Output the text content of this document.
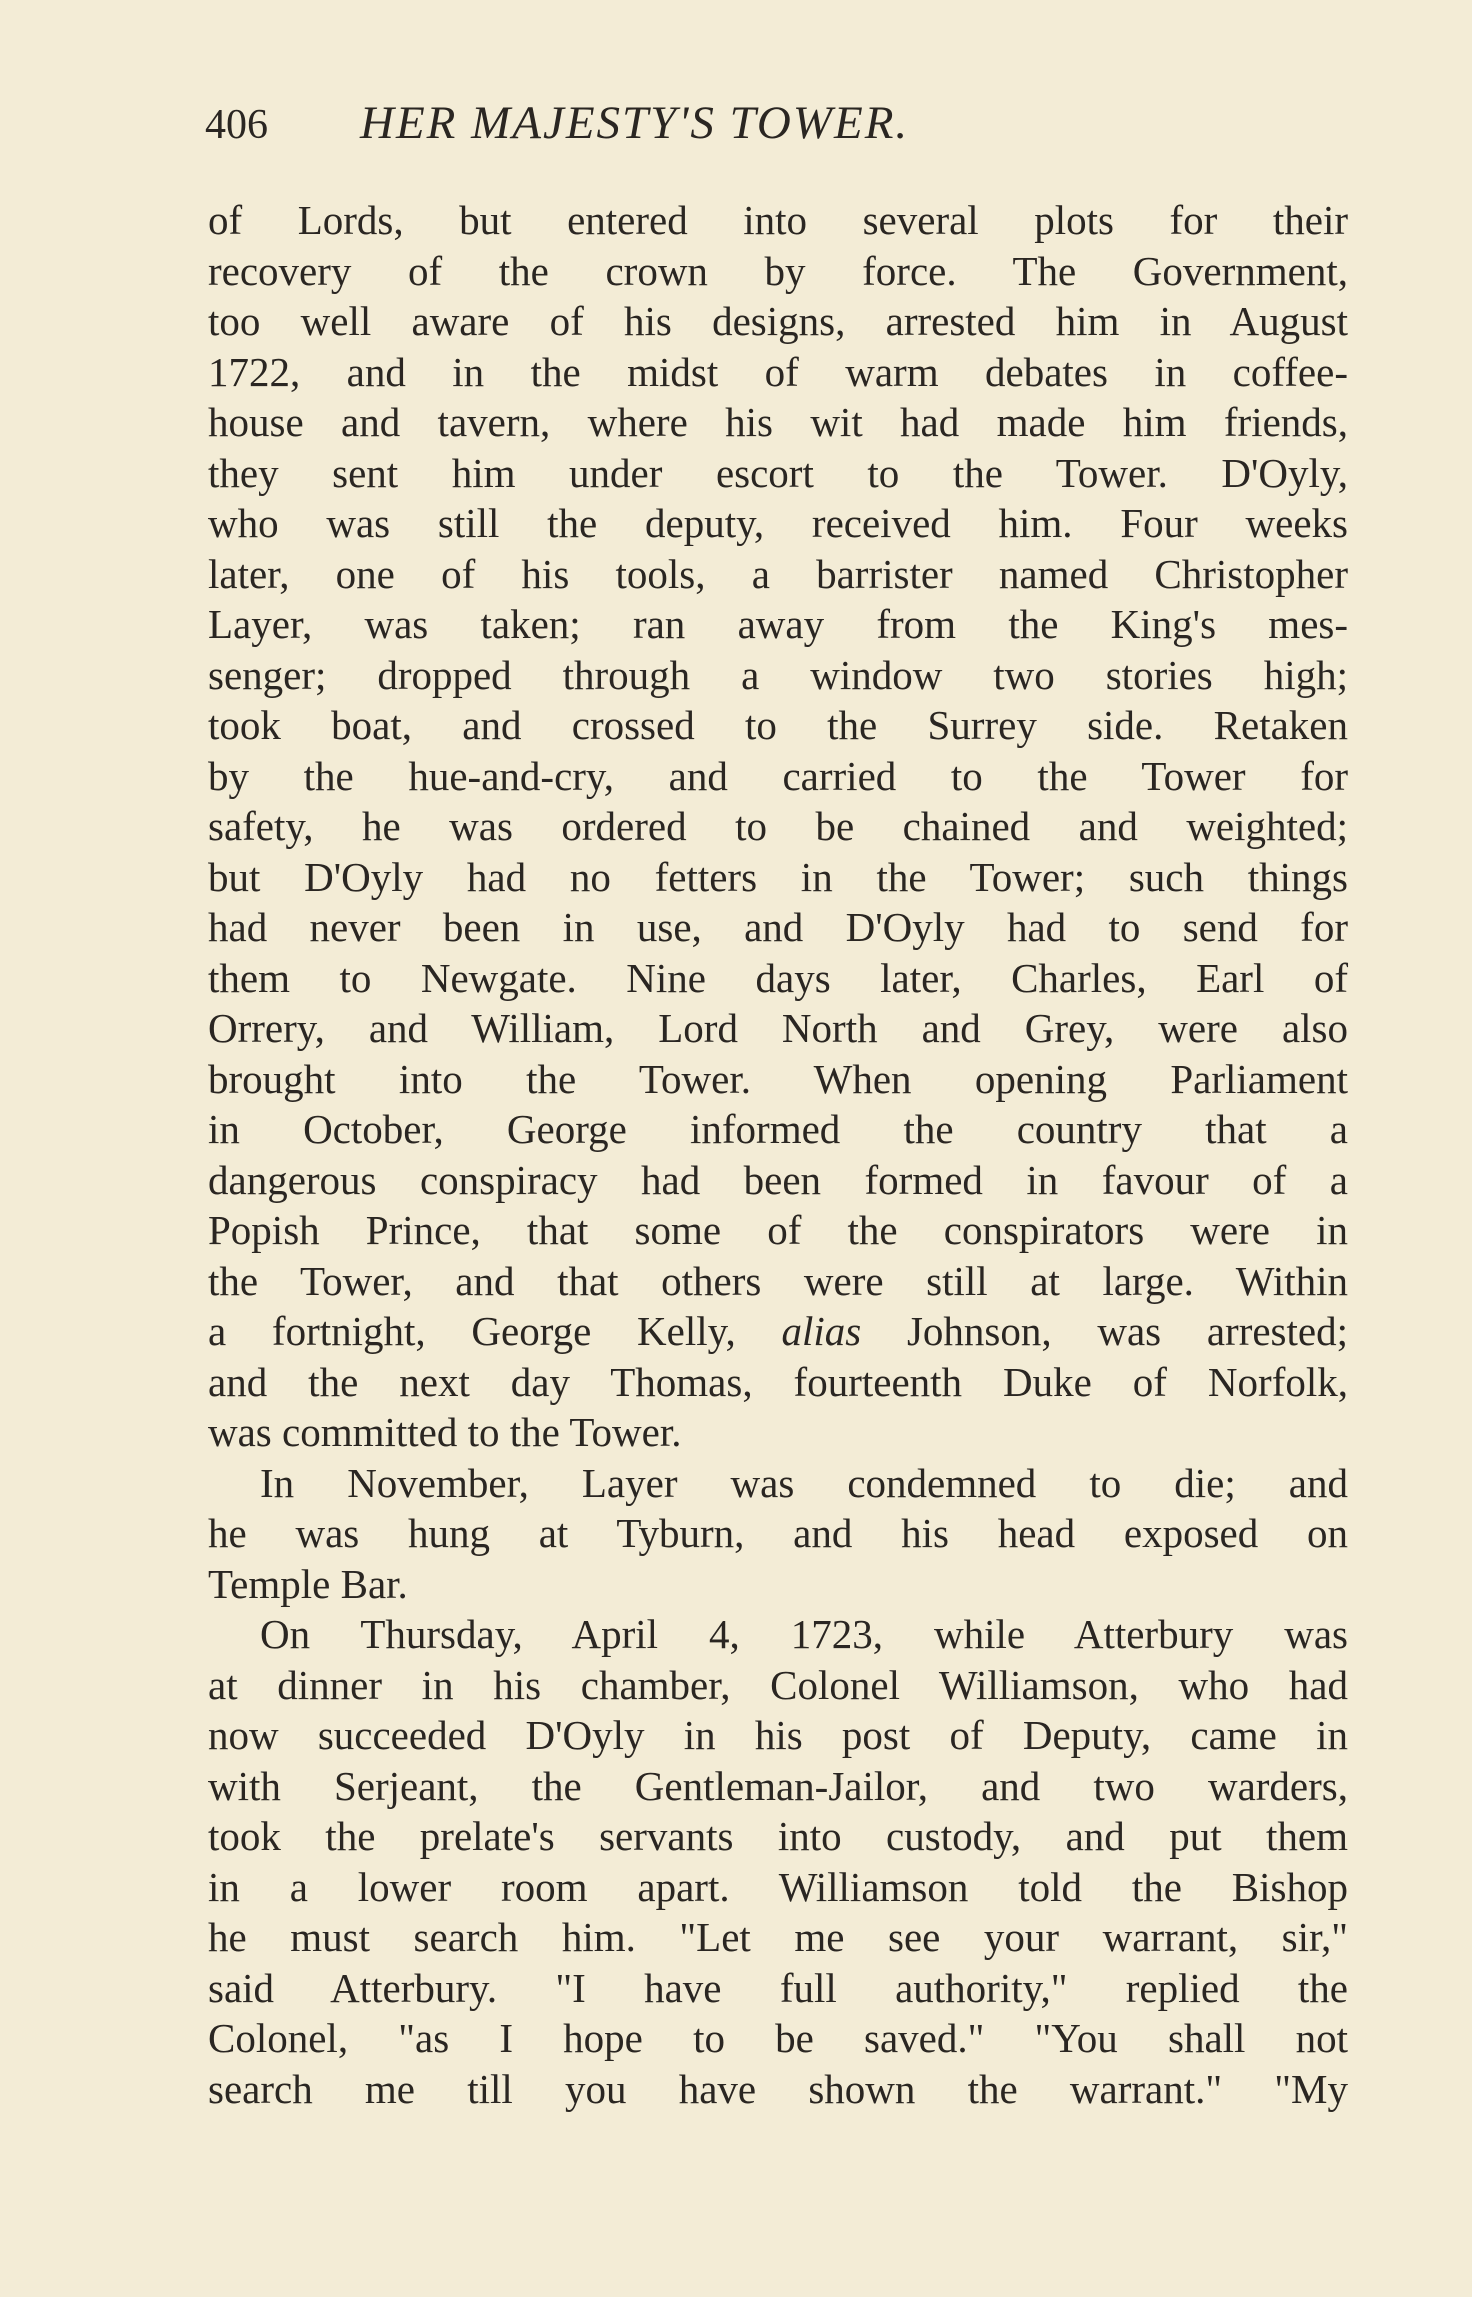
406 HER MAJESTY'S TOWER.
of Lords, but entered into several plots for their
recovery of the crown by force. The Government,
too well aware of his designs, arrested him in August
1722, and in the midst of warm debates in coffee-
house and tavern, where his wit had made him friends,
they sent him under escort to the Tower. D'Oyly,
who was still the deputy, received him. Four weeks
later, one of his tools, a barrister named Christopher
Layer, was taken; ran away from the King's mes-
senger; dropped through a window two stories high;
took boat, and crossed to the Surrey side. Retaken
by the hue-and-cry, and carried to the Tower for
safety, he was ordered to be chained and weighted;
but D'Oyly had no fetters in the Tower; such things
had never been in use, and D'Oyly had to send for
them to Newgate. Nine days later, Charles, Earl of
Orrery, and William, Lord North and Grey, were also
brought into the Tower. When opening Parliament
in October, George informed the country that a
dangerous conspiracy had been formed in favour of a
Popish Prince, that some of the conspirators were in
the Tower, and that others were still at large. Within
a fortnight, George Kelly, alias Johnson, was arrested;
and the next day Thomas, fourteenth Duke of Norfolk,
was committed to the Tower.
In November, Layer was condemned to die; and
he was hung at Tyburn, and his head exposed on
Temple Bar.
On Thursday, April 4, 1723, while Atterbury was
at dinner in his chamber, Colonel Williamson, who had
now succeeded D'Oyly in his post of Deputy, came in
with Serjeant, the Gentleman-Jailor, and two warders,
took the prelate's servants into custody, and put them
in a lower room apart. Williamson told the Bishop
he must search him. "Let me see your warrant, sir,"
said Atterbury. "I have full authority," replied the
Colonel, "as I hope to be saved." "You shall not
search me till you have shown the warrant." "My
